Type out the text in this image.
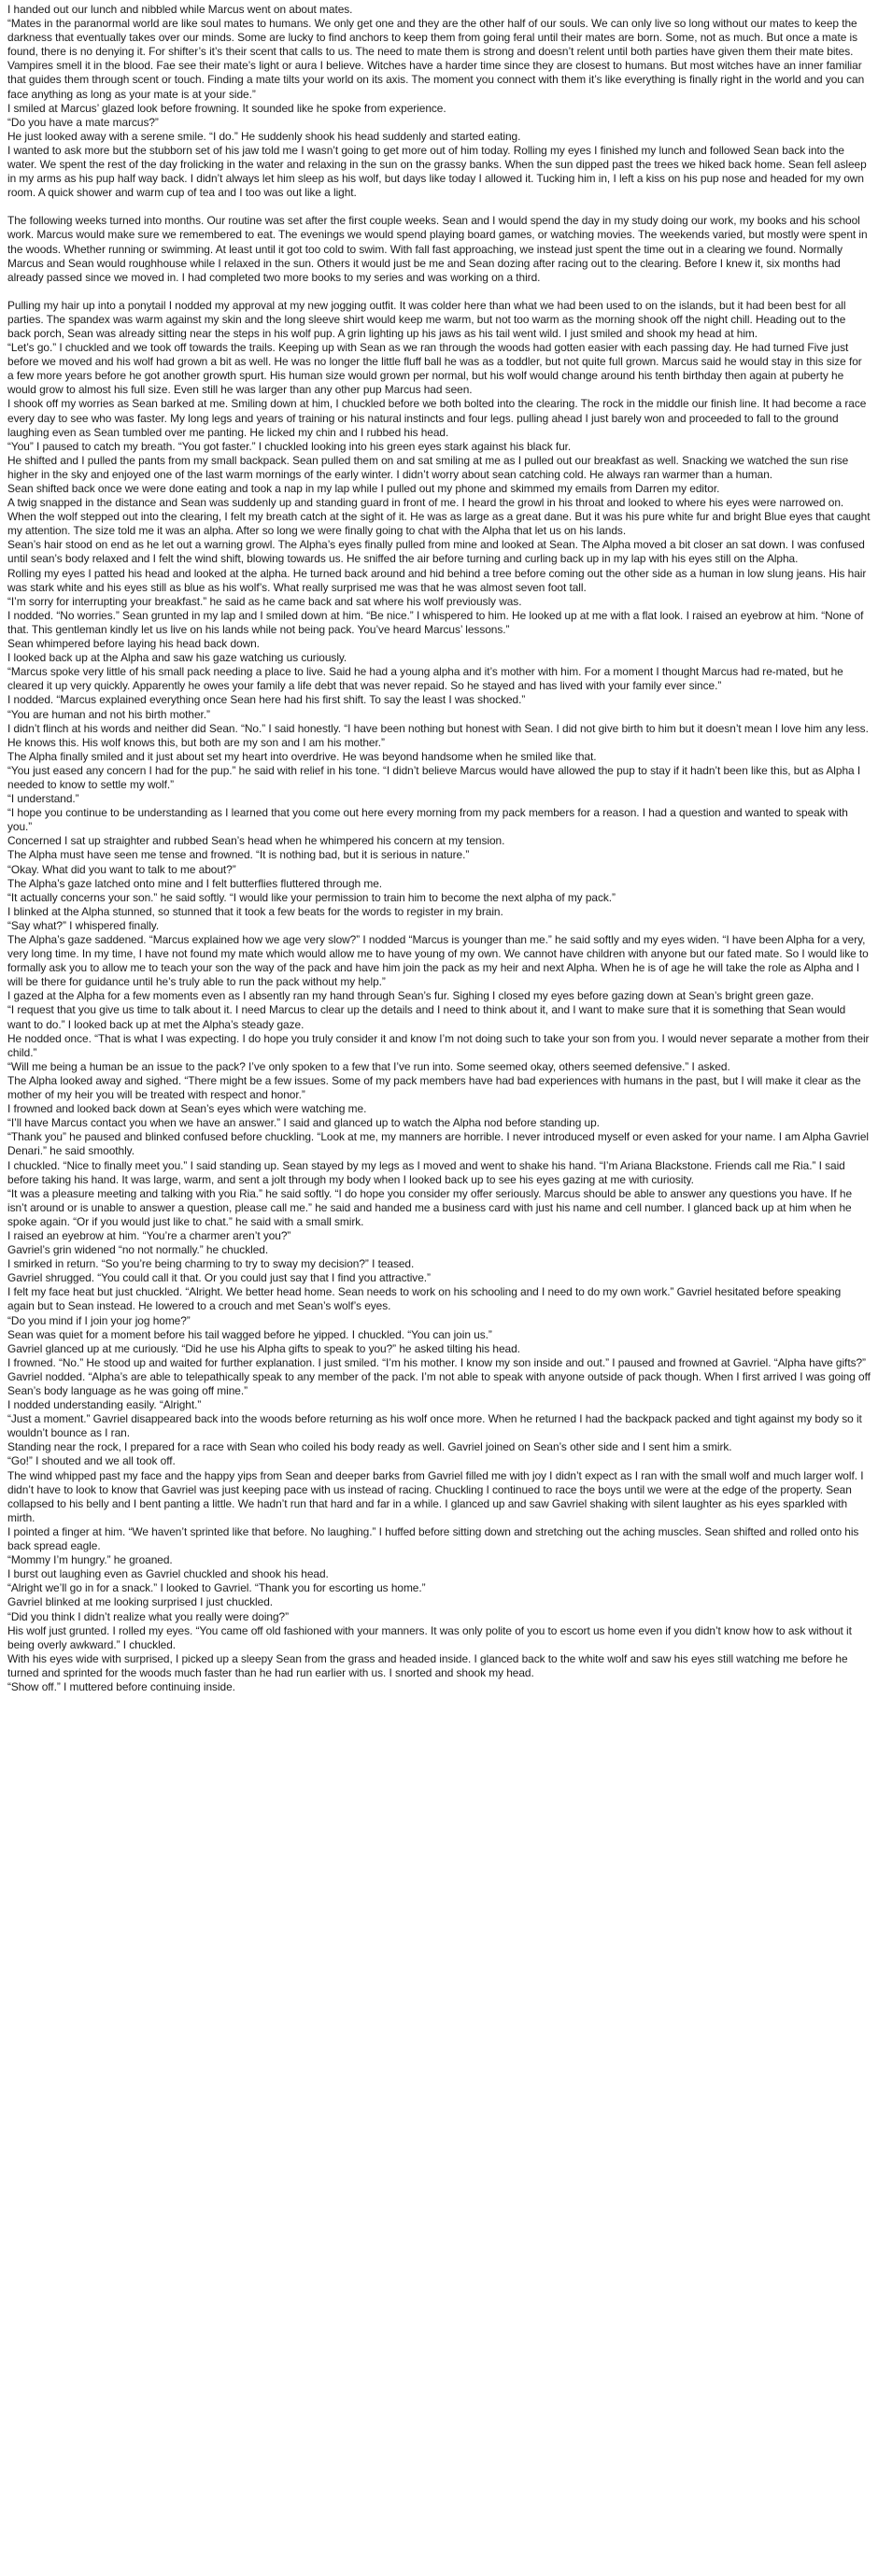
I handed out our lunch and nibbled while Marcus went on about mates.

“Mates in the paranormal world are like soul mates to humans. We only get one and they are the other half of our souls. We can only live so long without our mates to keep the darkness that eventually takes over our minds. Some are lucky to find anchors to keep them from going feral until their mates are born. Some, not as much. But once a mate is found, there is no denying it. For shifter’s it’s their scent that calls to us. The need to mate them is strong and doesn’t relent until both parties have given them their mate bites. Vampires smell it in the blood. Fae see their mate’s light or aura I believe. Witches have a harder time since they are closest to humans. But most witches have an inner familiar that guides them through scent or touch. Finding a mate tilts your world on its axis. The moment you connect with them it’s like everything is finally right in the world and you can face anything as long as your mate is at your side.”

I smiled at Marcus’ glazed look before frowning. It sounded like he spoke from experience.

“Do you have a mate marcus?”

He just looked away with a serene smile. “I do.” He suddenly shook his head suddenly and started eating.

I wanted to ask more but the stubborn set of his jaw told me I wasn’t going to get more out of him today. Rolling my eyes I finished my lunch and followed Sean back into the water. We spent the rest of the day frolicking in the water and relaxing in the sun on the grassy banks. When the sun dipped past the trees we hiked back home. Sean fell asleep in my arms as his pup half way back. I didn’t always let him sleep as his wolf, but days like today I allowed it. Tucking him in, I left a kiss on his pup nose and headed for my own room. A quick shower and warm cup of tea and I too was out like a light.

The following weeks turned into months. Our routine was set after the first couple weeks. Sean and I would spend the day in my study doing our work, my books and his school work. Marcus would make sure we remembered to eat. The evenings we would spend playing board games, or watching movies. The weekends varied, but mostly were spent in the woods. Whether running or swimming. At least until it got too cold to swim. With fall fast approaching, we instead just spent the time out in a clearing we found. Normally Marcus and Sean would roughhouse while I relaxed in the sun. Others it would just be me and Sean dozing after racing out to the clearing. Before I knew it, six months had already passed since we moved in. I had completed two more books to my series and was working on a third.

Pulling my hair up into a ponytail I nodded my approval at my new jogging outfit. It was colder here than what we had been used to on the islands, but it had been best for all parties. The spandex was warm against my skin and the long sleeve shirt would keep me warm, but not too warm as the morning shook off the night chill. Heading out to the back porch, Sean was already sitting near the steps in his wolf pup. A grin lighting up his jaws as his tail went wild. I just smiled and shook my head at him.

“Let’s go.” I chuckled and we took off towards the trails. Keeping up with Sean as we ran through the woods had gotten easier with each passing day. He had turned Five just before we moved and his wolf had grown a bit as well. He was no longer the little fluff ball he was as a toddler, but not quite full grown. Marcus said he would stay in this size for a few more years before he got another growth spurt. His human size would grown per normal, but his wolf would change around his tenth birthday then again at puberty he would grow to almost his full size. Even still he was larger than any other pup Marcus had seen.

I shook off my worries as Sean barked at me. Smiling down at him, I chuckled before we both bolted into the clearing. The rock in the middle our finish line. It had become a race every day to see who was faster. My long legs and years of training or his natural instincts and four legs. pulling ahead I just barely won and proceeded to fall to the ground laughing even as Sean tumbled over me panting. He licked my chin and I rubbed his head.

“You” I paused to catch my breath. “You got faster.” I chuckled looking into his green eyes stark against his black fur.

He shifted and I pulled the pants from my small backpack. Sean pulled them on and sat smiling at me as I pulled out our breakfast as well. Snacking we watched the sun rise higher in the sky and enjoyed one of the last warm mornings of the early winter. I didn’t worry about sean catching cold. He always ran warmer than a human.

Sean shifted back once we were done eating and took a nap in my lap while I pulled out my phone and skimmed my emails from Darren my editor.

A twig snapped in the distance and Sean was suddenly up and standing guard in front of me. I heard the growl in his throat and looked to where his eyes were narrowed on.

When the wolf stepped out into the clearing, I felt my breath catch at the sight of it. He was as large as a great dane. But it was his pure white fur and bright Blue eyes that caught my attention. The size told me it was an alpha. After so long we were finally going to chat with the Alpha that let us on his lands.

Sean’s hair stood on end as he let out a warning growl. The Alpha’s eyes finally pulled from mine and looked at Sean. The Alpha moved a bit closer an sat down. I was confused until sean’s body relaxed and I felt the wind shift, blowing towards us. He sniffed the air before turning and curling back up in my lap with his eyes still on the Alpha.

Rolling my eyes I patted his head and looked at the alpha. He turned back around and hid behind a tree before coming out the other side as a human in low slung jeans. His hair was stark white and his eyes still as blue as his wolf’s. What really surprised me was that he was almost seven foot tall.

“I’m sorry for interrupting your breakfast.” he said as he came back and sat where his wolf previously was.

I nodded. “No worries.” Sean grunted in my lap and I smiled down at him. “Be nice.” I whispered to him. He looked up at me with a flat look. I raised an eyebrow at him. “None of that. This gentleman kindly let us live on his lands while not being pack. You’ve heard Marcus’ lessons.”

Sean whimpered before laying his head back down.

I looked back up at the Alpha and saw his gaze watching us curiously.

“Marcus spoke very little of his small pack needing a place to live. Said he had a young alpha and it’s mother with him. For a moment I thought Marcus had re-mated, but he cleared it up very quickly. Apparently he owes your family a life debt that was never repaid. So he stayed and has lived with your family ever since.”

I nodded. “Marcus explained everything once Sean here had his first shift. To say the least I was shocked.”

“You are human and not his birth mother.”

I didn’t flinch at his words and neither did Sean. “No.” I said honestly. “I have been nothing but honest with Sean. I did not give birth to him but it doesn’t mean I love him any less. He knows this. His wolf knows this, but both are my son and I am his mother.”

The Alpha finally smiled and it just about set my heart into overdrive. He was beyond handsome when he smiled like that.

“You just eased any concern I had for the pup.” he said with relief in his tone. “I didn’t believe Marcus would have allowed the pup to stay if it hadn’t been like this, but as Alpha I needed to know to settle my wolf.”

“I understand.”

“I hope you continue to be understanding as I learned that you come out here every morning from my pack members for a reason. I had a question and wanted to speak with you.”

Concerned I sat up straighter and rubbed Sean’s head when he whimpered his concern at my tension.

The Alpha must have seen me tense and frowned. “It is nothing bad, but it is serious in nature.”

“Okay. What did you want to talk to me about?”

The Alpha’s gaze latched onto mine and I felt butterflies fluttered through me.

“It actually concerns your son.” he said softly. “I would like your permission to train him to become the next alpha of my pack.”

I blinked at the Alpha stunned, so stunned that it took a few beats for the words to register in my brain.

“Say what?” I whispered finally.

The Alpha’s gaze saddened. “Marcus explained how we age very slow?” I nodded “Marcus is younger than me.” he said softly and my eyes widen. “I have been Alpha for a very, very long time. In my time, I have not found my mate which would allow me to have young of my own. We cannot have children with anyone but our fated mate. So I would like to formally ask you to allow me to teach your son the way of the pack and have him join the pack as my heir and next Alpha. When he is of age he will take the role as Alpha and I will be there for guidance until he’s truly able to run the pack without my help.”

I gazed at the Alpha for a few moments even as I absently ran my hand through Sean’s fur. Sighing I closed my eyes before gazing down at Sean’s bright green gaze.

“I request that you give us time to talk about it. I need Marcus to clear up the details and I need to think about it, and I want to make sure that it is something that Sean would want to do.” I looked back up at met the Alpha’s steady gaze.

He nodded once. “That is what I was expecting. I do hope you truly consider it and know I’m not doing such to take your son from you. I would never separate a mother from their child.”

“Will me being a human be an issue to the pack? I’ve only spoken to a few that I’ve run into. Some seemed okay, others seemed defensive.” I asked.

The Alpha looked away and sighed. “There might be a few issues. Some of my pack members have had bad experiences with humans in the past, but I will make it clear as the mother of my heir you will be treated with respect and honor.”

I frowned and looked back down at Sean’s eyes which were watching me.

“I’ll have Marcus contact you when we have an answer.” I said and glanced up to watch the Alpha nod before standing up.

“Thank you” he paused and blinked confused before chuckling. “Look at me, my manners are horrible. I never introduced myself or even asked for your name. I am Alpha Gavriel Denari.” he said smoothly.

I chuckled. “Nice to finally meet you.” I said standing up. Sean stayed by my legs as I moved and went to shake his hand. “I’m Ariana Blackstone. Friends call me Ria.” I said before taking his hand. It was large, warm, and sent a jolt through my body when I looked back up to see his eyes gazing at me with curiosity.

“It was a pleasure meeting and talking with you Ria.” he said softly. “I do hope you consider my offer seriously. Marcus should be able to answer any questions you have. If he isn’t around or is unable to answer a question, please call me.” he said and handed me a business card with just his name and cell number. I glanced back up at him when he spoke again. “Or if you would just like to chat.” he said with a small smirk.

I raised an eyebrow at him. “You’re a charmer aren’t you?”

Gavriel’s grin widened “no not normally.” he chuckled.

I smirked in return. “So you’re being charming to try to sway my decision?” I teased.

Gavriel shrugged. “You could call it that. Or you could just say that I find you attractive.”

I felt my face heat but just chuckled. “Alright. We better head home. Sean needs to work on his schooling and I need to do my own work.” Gavriel hesitated before speaking again but to Sean instead. He lowered to a crouch and met Sean’s wolf’s eyes.

“Do you mind if I join your jog home?”

Sean was quiet for a moment before his tail wagged before he yipped. I chuckled. “You can join us.”

Gavriel glanced up at me curiously. “Did he use his Alpha gifts to speak to you?” he asked tilting his head.

I frowned. “No.” He stood up and waited for further explanation. I just smiled. “I’m his mother. I know my son inside and out.” I paused and frowned at Gavriel. “Alpha have gifts?”

Gavriel nodded. “Alpha’s are able to telepathically speak to any member of the pack. I’m not able to speak with anyone outside of pack though. When I first arrived I was going off Sean’s body language as he was going off mine.”

I nodded understanding easily. “Alright.”

“Just a moment.” Gavriel disappeared back into the woods before returning as his wolf once more. When he returned I had the backpack packed and tight against my body so it wouldn’t bounce as I ran.

Standing near the rock, I prepared for a race with Sean who coiled his body ready as well. Gavriel joined on Sean’s other side and I sent him a smirk.

“Go!” I shouted and we all took off.

The wind whipped past my face and the happy yips from Sean and deeper barks from Gavriel filled me with joy I didn’t expect as I ran with the small wolf and much larger wolf. I didn’t have to look to know that Gavriel was just keeping pace with us instead of racing. Chuckling I continued to race the boys until we were at the edge of the property. Sean collapsed to his belly and I bent panting a little. We hadn’t run that hard and far in a while. I glanced up and saw Gavriel shaking with silent laughter as his eyes sparkled with mirth.

I pointed a finger at him. “We haven’t sprinted like that before. No laughing.” I huffed before sitting down and stretching out the aching muscles. Sean shifted and rolled onto his back spread eagle.

“Mommy I’m hungry.” he groaned.

I burst out laughing even as Gavriel chuckled and shook his head.

“Alright we’ll go in for a snack.” I looked to Gavriel. “Thank you for escorting us home.”

Gavriel blinked at me looking surprised I just chuckled.

“Did you think I didn’t realize what you really were doing?”

His wolf just grunted. I rolled my eyes. “You came off old fashioned with your manners. It was only polite of you to escort us home even if you didn’t know how to ask without it being overly awkward.” I chuckled.

With his eyes wide with surprised, I picked up a sleepy Sean from the grass and headed inside. I glanced back to the white wolf and saw his eyes still watching me before he turned and sprinted for the woods much faster than he had run earlier with us. I snorted and shook my head.

“Show off.” I muttered before continuing inside.
